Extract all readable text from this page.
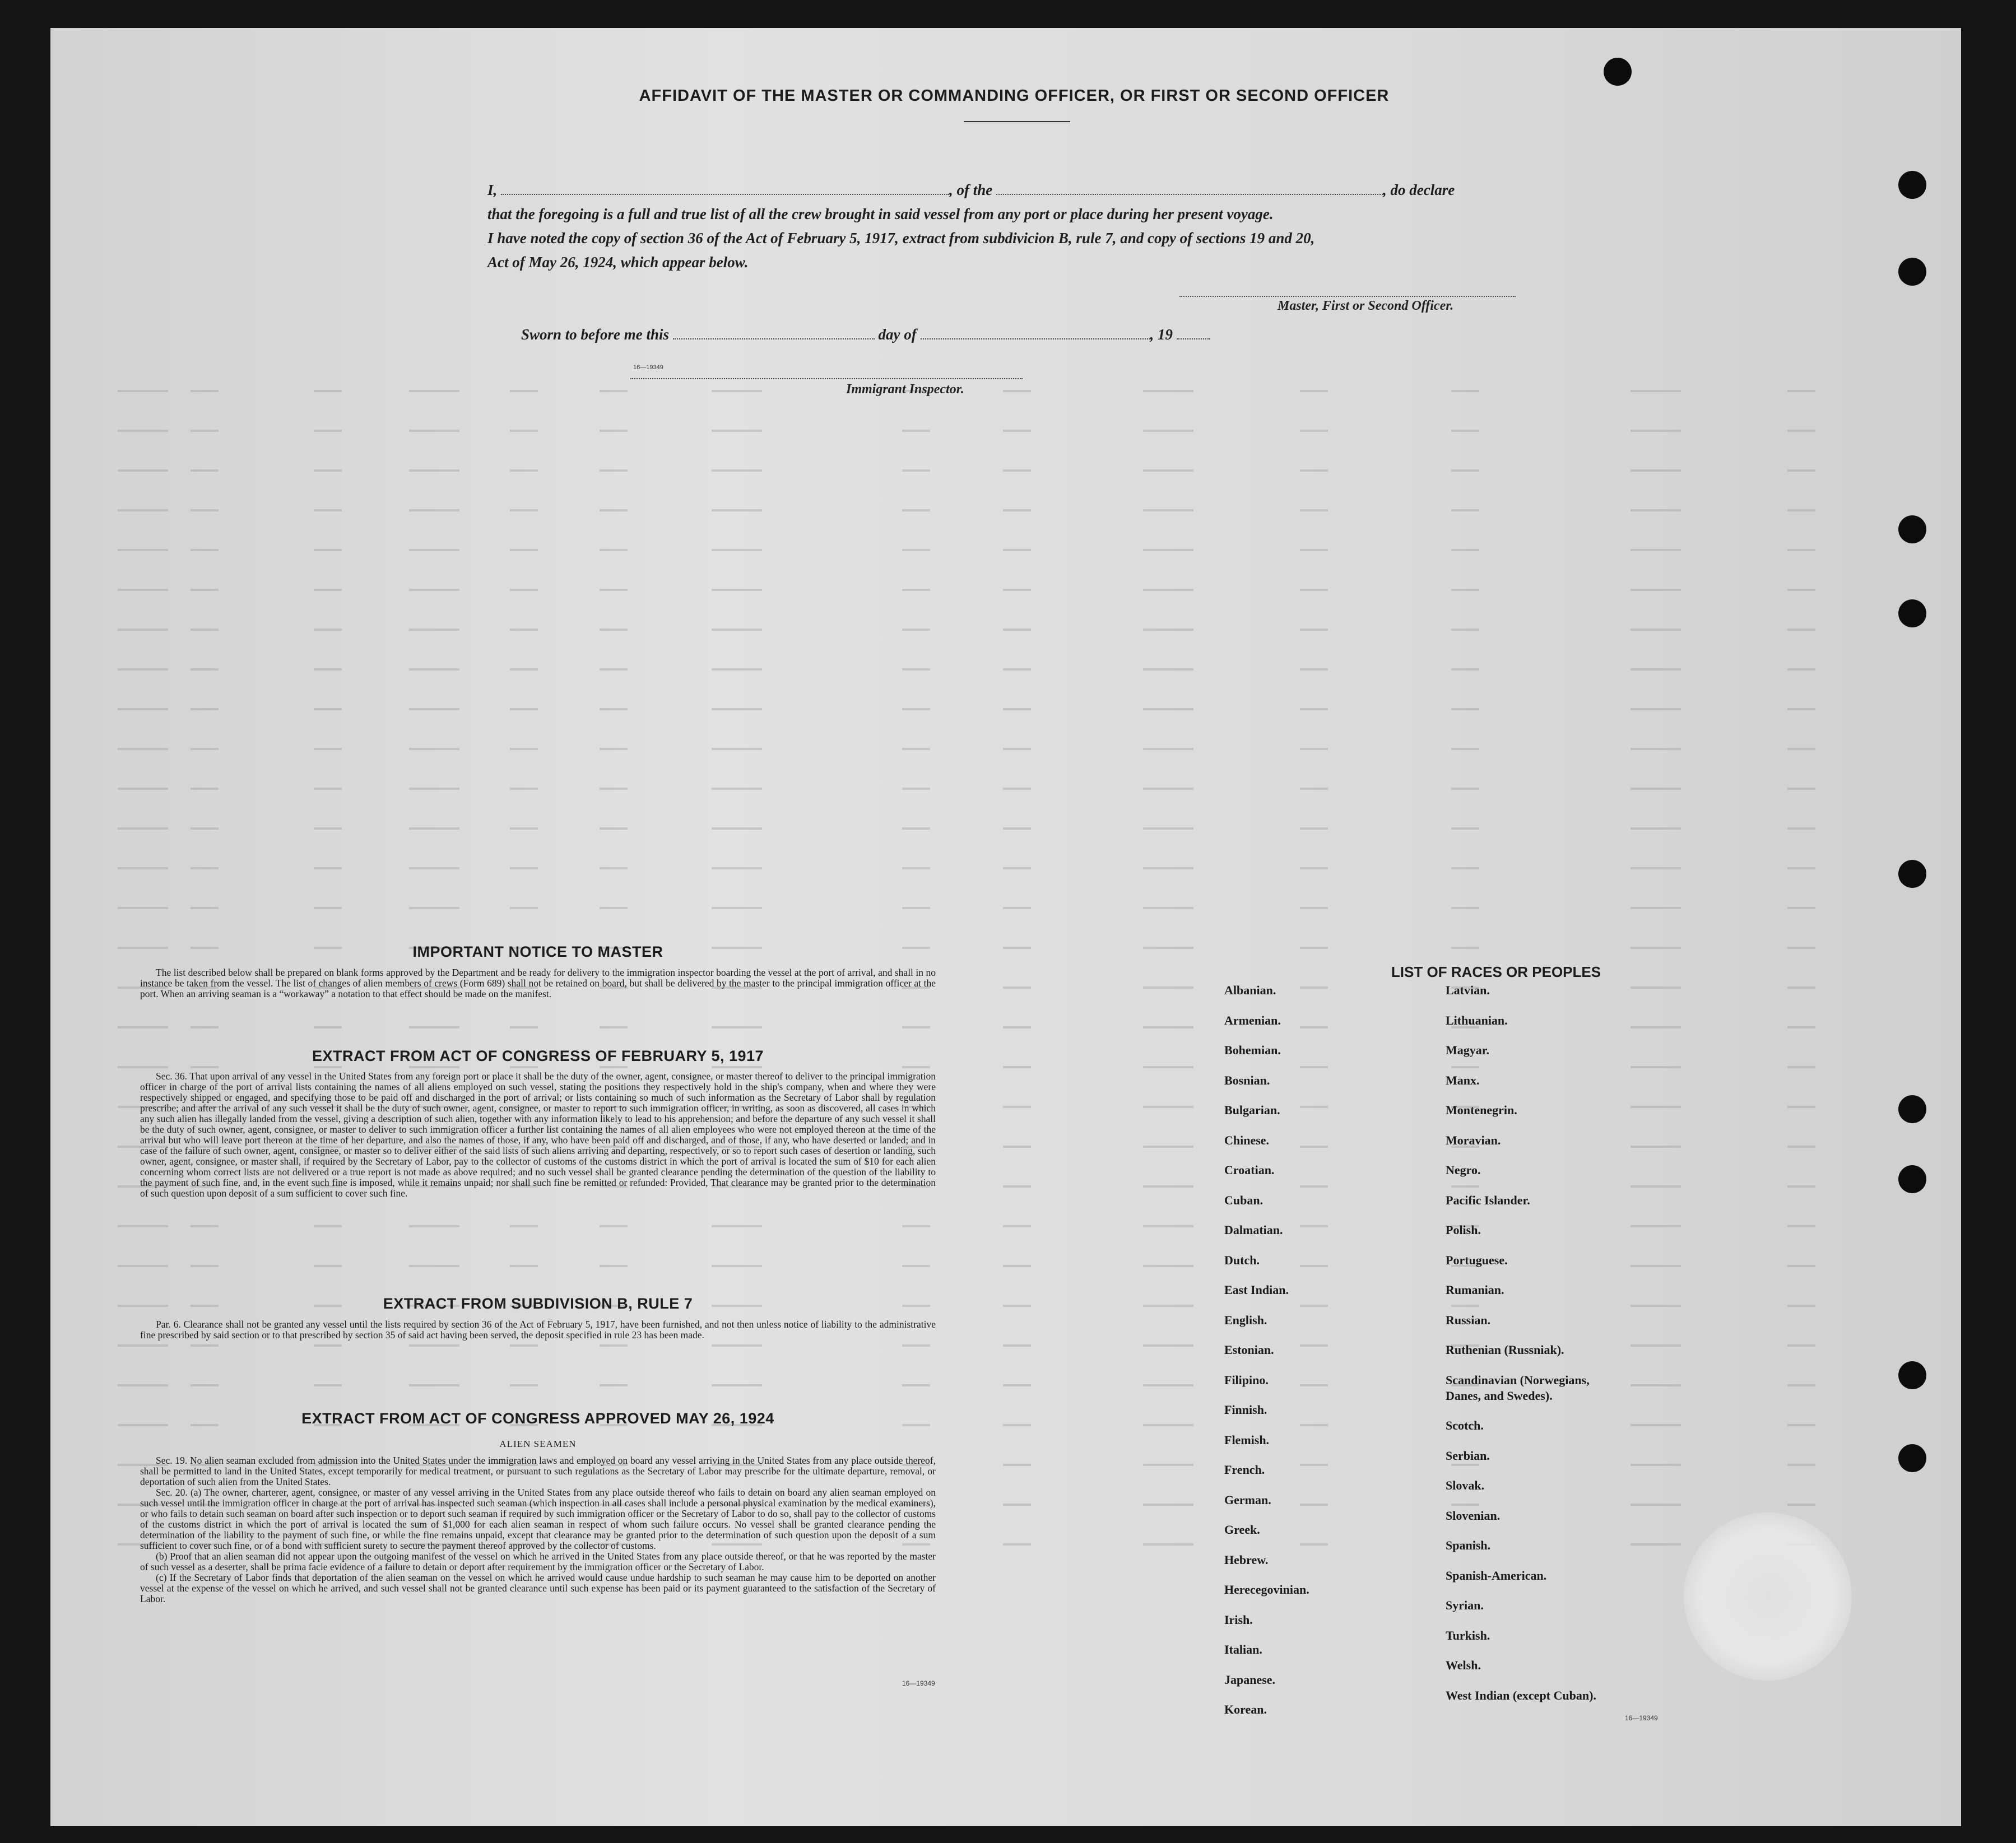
AFFIDAVIT OF THE MASTER OR COMMANDING OFFICER, OR FIRST OR SECOND OFFICER
I,	, of the	, do declare
that the foregoing is a full and true list of all the crew brought in said vessel from any port or place during her present voyage.
I have noted the copy of section 36 of the Act of February 5, 1917, extract from subdivicion B, rule 7, and copy of sections 19 and 20,
Act of May 26, 1924, which appear below.
Master, First or Second Officer.
Sworn to before me this	day of	, 19
16—19349
Immigrant Inspector.
IMPORTANT NOTICE TO MASTER

The list described below shall be prepared on blank forms approved by the Department and be ready for delivery to the immigration inspector boarding the vessel at the port of arrival, and shall in no instance be taken from the vessel. The list of changes of alien members of crews (Form 689) shall not be retained on board, but shall be delivered by the master to the principal immigration officer at the port. When an arriving seaman is a “workaway” a notation to that effect should be made on the manifest.

EXTRACT FROM ACT OF CONGRESS OF FEBRUARY 5, 1917

Sec. 36. That upon arrival of any vessel in the United States from any foreign port or place it shall be the duty of the owner, agent, consignee, or master thereof to deliver to the principal immigration officer in charge of the port of arrival lists containing the names of all aliens employed on such vessel, stating the positions they respectively hold in the ship's company, when and where they were respectively shipped or engaged, and specifying those to be paid off and discharged in the port of arrival; or lists containing so much of such information as the Secretary of Labor shall by regulation prescribe; and after the arrival of any such vessel it shall be the duty of such owner, agent, consignee, or master to report to such immigration officer, in writing, as soon as discovered, all cases in which any such alien has illegally landed from the vessel, giving a description of such alien, together with any information likely to lead to his apprehension; and before the departure of any such vessel it shall be the duty of such owner, agent, consignee, or master to deliver to such immigration officer a further list containing the names of all alien employees who were not employed thereon at the time of the arrival but who will leave port thereon at the time of her departure, and also the names of those, if any, who have been paid off and discharged, and of those, if any, who have deserted or landed; and in case of the failure of such owner, agent, consignee, or master so to deliver either of the said lists of such aliens arriving and departing, respectively, or so to report such cases of desertion or landing, such owner, agent, consignee, or master shall, if required by the Secretary of Labor, pay to the collector of customs of the customs district in which the port of arrival is located the sum of $10 for each alien concerning whom correct lists are not delivered or a true report is not made as above required; and no such vessel shall be granted clearance pending the determination of the question of the liability to the payment of such fine, and, in the event such fine is imposed, while it remains unpaid; nor shall such fine be remitted or refunded: Provided, That clearance may be granted prior to the determination of such question upon deposit of a sum sufficient to cover such fine.

EXTRACT FROM SUBDIVISION B, RULE 7

Par. 6. Clearance shall not be granted any vessel until the lists required by section 36 of the Act of February 5, 1917, have been furnished, and not then unless notice of liability to the administrative fine prescribed by said section or to that prescribed by section 35 of said act having been served, the deposit specified in rule 23 has been made.

EXTRACT FROM ACT OF CONGRESS APPROVED MAY 26, 1924
ALIEN SEAMEN

Sec. 19. No alien seaman excluded from admission into the United States under the immigration laws and employed on board any vessel arriving in the United States from any place outside thereof, shall be permitted to land in the United States, except temporarily for medical treatment, or pursuant to such regulations as the Secretary of Labor may prescribe for the ultimate departure, removal, or deportation of such alien from the United States.

Sec. 20. (a) The owner, charterer, agent, consignee, or master of any vessel arriving in the United States from any place outside thereof who fails to detain on board any alien seaman employed on such vessel until the immigration officer in charge at the port of arrival has inspected such seaman (which inspection in all cases shall include a personal physical examination by the medical examiners), or who fails to detain such seaman on board after such inspection or to deport such seaman if required by such immigration officer or the Secretary of Labor to do so, shall pay to the collector of customs of the customs district in which the port of arrival is located the sum of $1,000 for each alien seaman in respect of whom such failure occurs. No vessel shall be granted clearance pending the determination of the liability to the payment of such fine, or while the fine remains unpaid, except that clearance may be granted prior to the determination of such question upon the deposit of a sum sufficient to cover such fine, or of a bond with sufficient surety to secure the payment thereof approved by the collector of customs.

(b) Proof that an alien seaman did not appear upon the outgoing manifest of the vessel on which he arrived in the United States from any place outside thereof, or that he was reported by the master of such vessel as a deserter, shall be prima facie evidence of a failure to detain or deport after requirement by the immigration officer or the Secretary of Labor.

(c) If the Secretary of Labor finds that deportation of the alien seaman on the vessel on which he arrived would cause undue hardship to such seaman he may cause him to be deported on another vessel at the expense of the vessel on which he arrived, and such vessel shall not be granted clearance until such expense has been paid or its payment guaranteed to the satisfaction of the Secretary of Labor.

16—19349
LIST OF RACES OR PEOPLES
16—19349
Albanian.
Armenian.
Bohemian.
Bosnian.
Bulgarian.
Chinese.
Croatian.
Cuban.
Dalmatian.
Dutch.
East Indian.
English.
Estonian.
Filipino.
Finnish.
Flemish.
French.
German.
Greek.
Hebrew.
Herecegovinian.
Irish.
Italian.
Japanese.
Korean.
Latvian.
Lithuanian.
Magyar.
Manx.
Montenegrin.
Moravian.
Negro.
Pacific Islander.
Polish.
Portuguese.
Rumanian.
Russian.
Ruthenian (Russniak).
Scandinavian (Norwegians,
Danes, and Swedes).
Scotch.
Serbian.
Slovak.
Slovenian.
Spanish.
Spanish-American.
Syrian.
Turkish.
Welsh.
West Indian (except Cuban).
